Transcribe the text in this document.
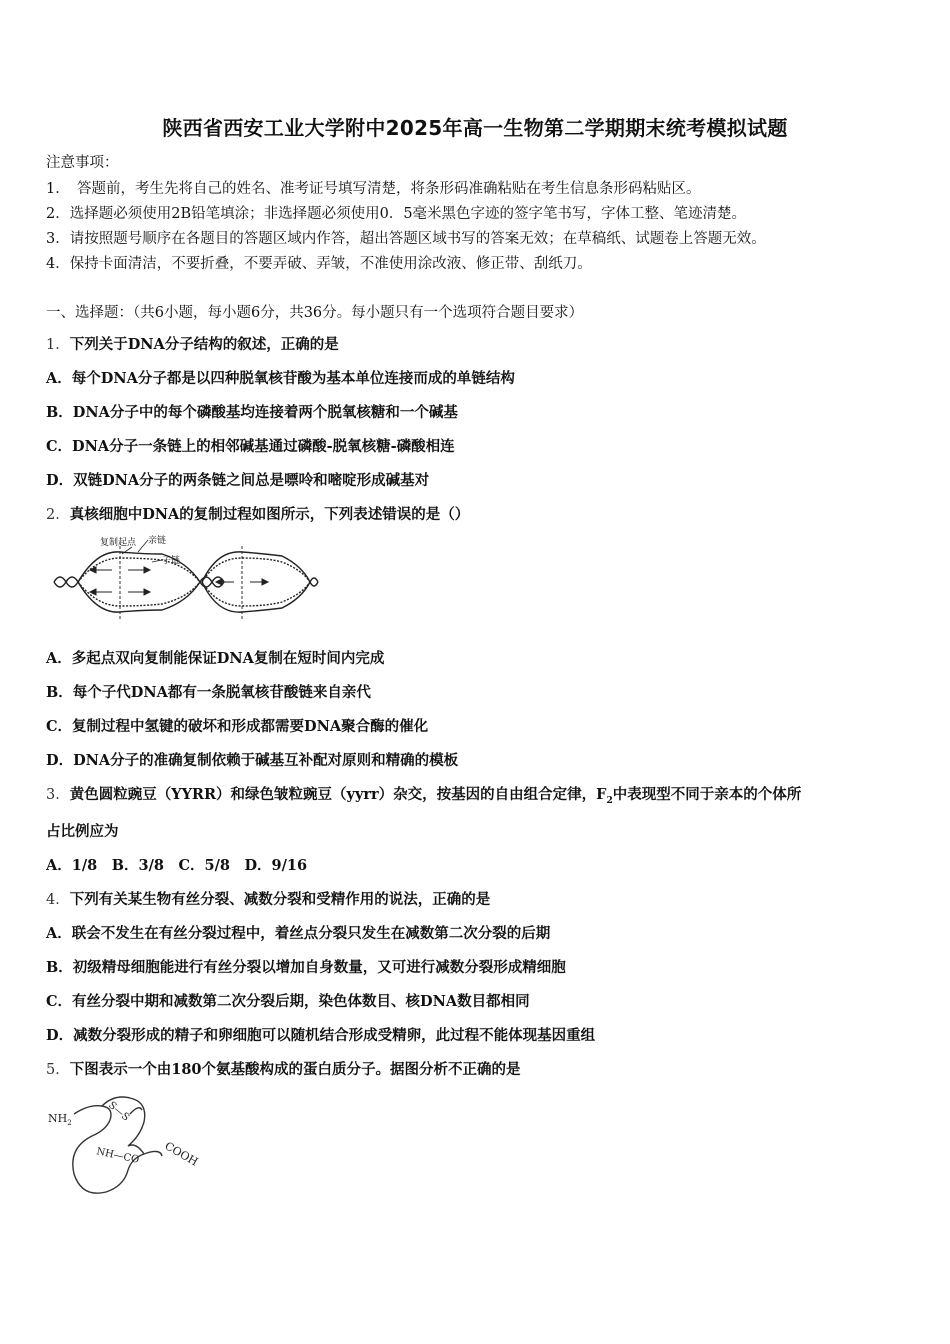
陕西省西安工业大学附中2025年高一生物第二学期期末统考模拟试题
注意事项：
1．　答题前，考生先将自己的姓名、准考证号填写清楚，将条形码准确粘贴在考生信息条形码粘贴区。
2．选择题必须使用2B铅笔填涂；非选择题必须使用0．5毫米黑色字迹的签字笔书写，字体工整、笔迹清楚。
3．请按照题号顺序在各题目的答题区域内作答，超出答题区域书写的答案无效；在草稿纸、试题卷上答题无效。
4．保持卡面清洁，不要折叠，不要弄破、弄皱，不准使用涂改液、修正带、刮纸刀。
一、选择题：（共6小题，每小题6分，共36分。每小题只有一个选项符合题目要求）
1．下列关于DNA分子结构的叙述，正确的是
A．每个DNA分子都是以四种脱氧核苷酸为基本单位连接而成的单链结构
B．DNA分子中的每个磷酸基均连接着两个脱氧核糖和一个碱基
C．DNA分子一条链上的相邻碱基通过磷酸-脱氧核糖-磷酸相连
D．双链DNA分子的两条链之间总是嘌呤和嘧啶形成碱基对
2．真核细胞中DNA的复制过程如图所示，下列表述错误的是（）
复制起点 亲链
子链
A．多起点双向复制能保证DNA复制在短时间内完成
B．每个子代DNA都有一条脱氧核苷酸链来自亲代
C．复制过程中氢键的破坏和形成都需要DNA聚合酶的催化
D．DNA分子的准确复制依赖于碱基互补配对原则和精确的模板
3．黄色圆粒豌豆（YYRR）和绿色皱粒豌豆（yyrr）杂交，按基因的自由组合定律，$F_2$中表现型不同于亲本的个体所
占比例应为
A．1/8　B．3/8　C．5/8　D．9/16
4．下列有关某生物有丝分裂、减数分裂和受精作用的说法，正确的是
A．联会不发生在有丝分裂过程中，着丝点分裂只发生在减数第二次分裂的后期
B．初级精母细胞能进行有丝分裂以增加自身数量，又可进行减数分裂形成精细胞
C．有丝分裂中期和减数第二次分裂后期，染色体数目、核DNA数目都相同
D．减数分裂形成的精子和卵细胞可以随机结合形成受精卵，此过程不能体现基因重组
5．下图表示一个由180个氨基酸构成的蛋白质分子。据图分析不正确的是
$NH_2$	S—S
NH—CO COOH
